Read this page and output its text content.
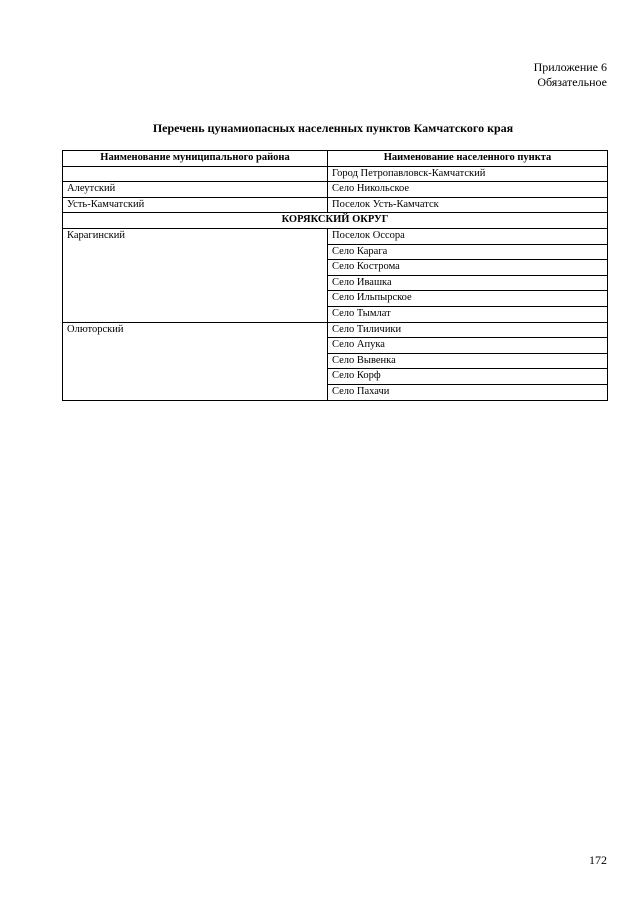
Приложение 6
Обязательное
Перечень цунамиопасных населенных пунктов Камчатского края
Наименование муниципального района	Наименование населенного пункта
	Город Петропавловск-Камчатский
Алеутский	Село Никольское
Усть-Камчатский	Поселок Усть-Камчатск
КОРЯКСКИЙ ОКРУГ	
Карагинский	Поселок Оссора
	Село Карага
	Село Кострома
	Село Ивашка
	Село Ильпырское
	Село Тымлат
Олюторский	Село Тиличики
	Село Апука
	Село Вывенка
	Село Корф
	Село Пахачи
172
